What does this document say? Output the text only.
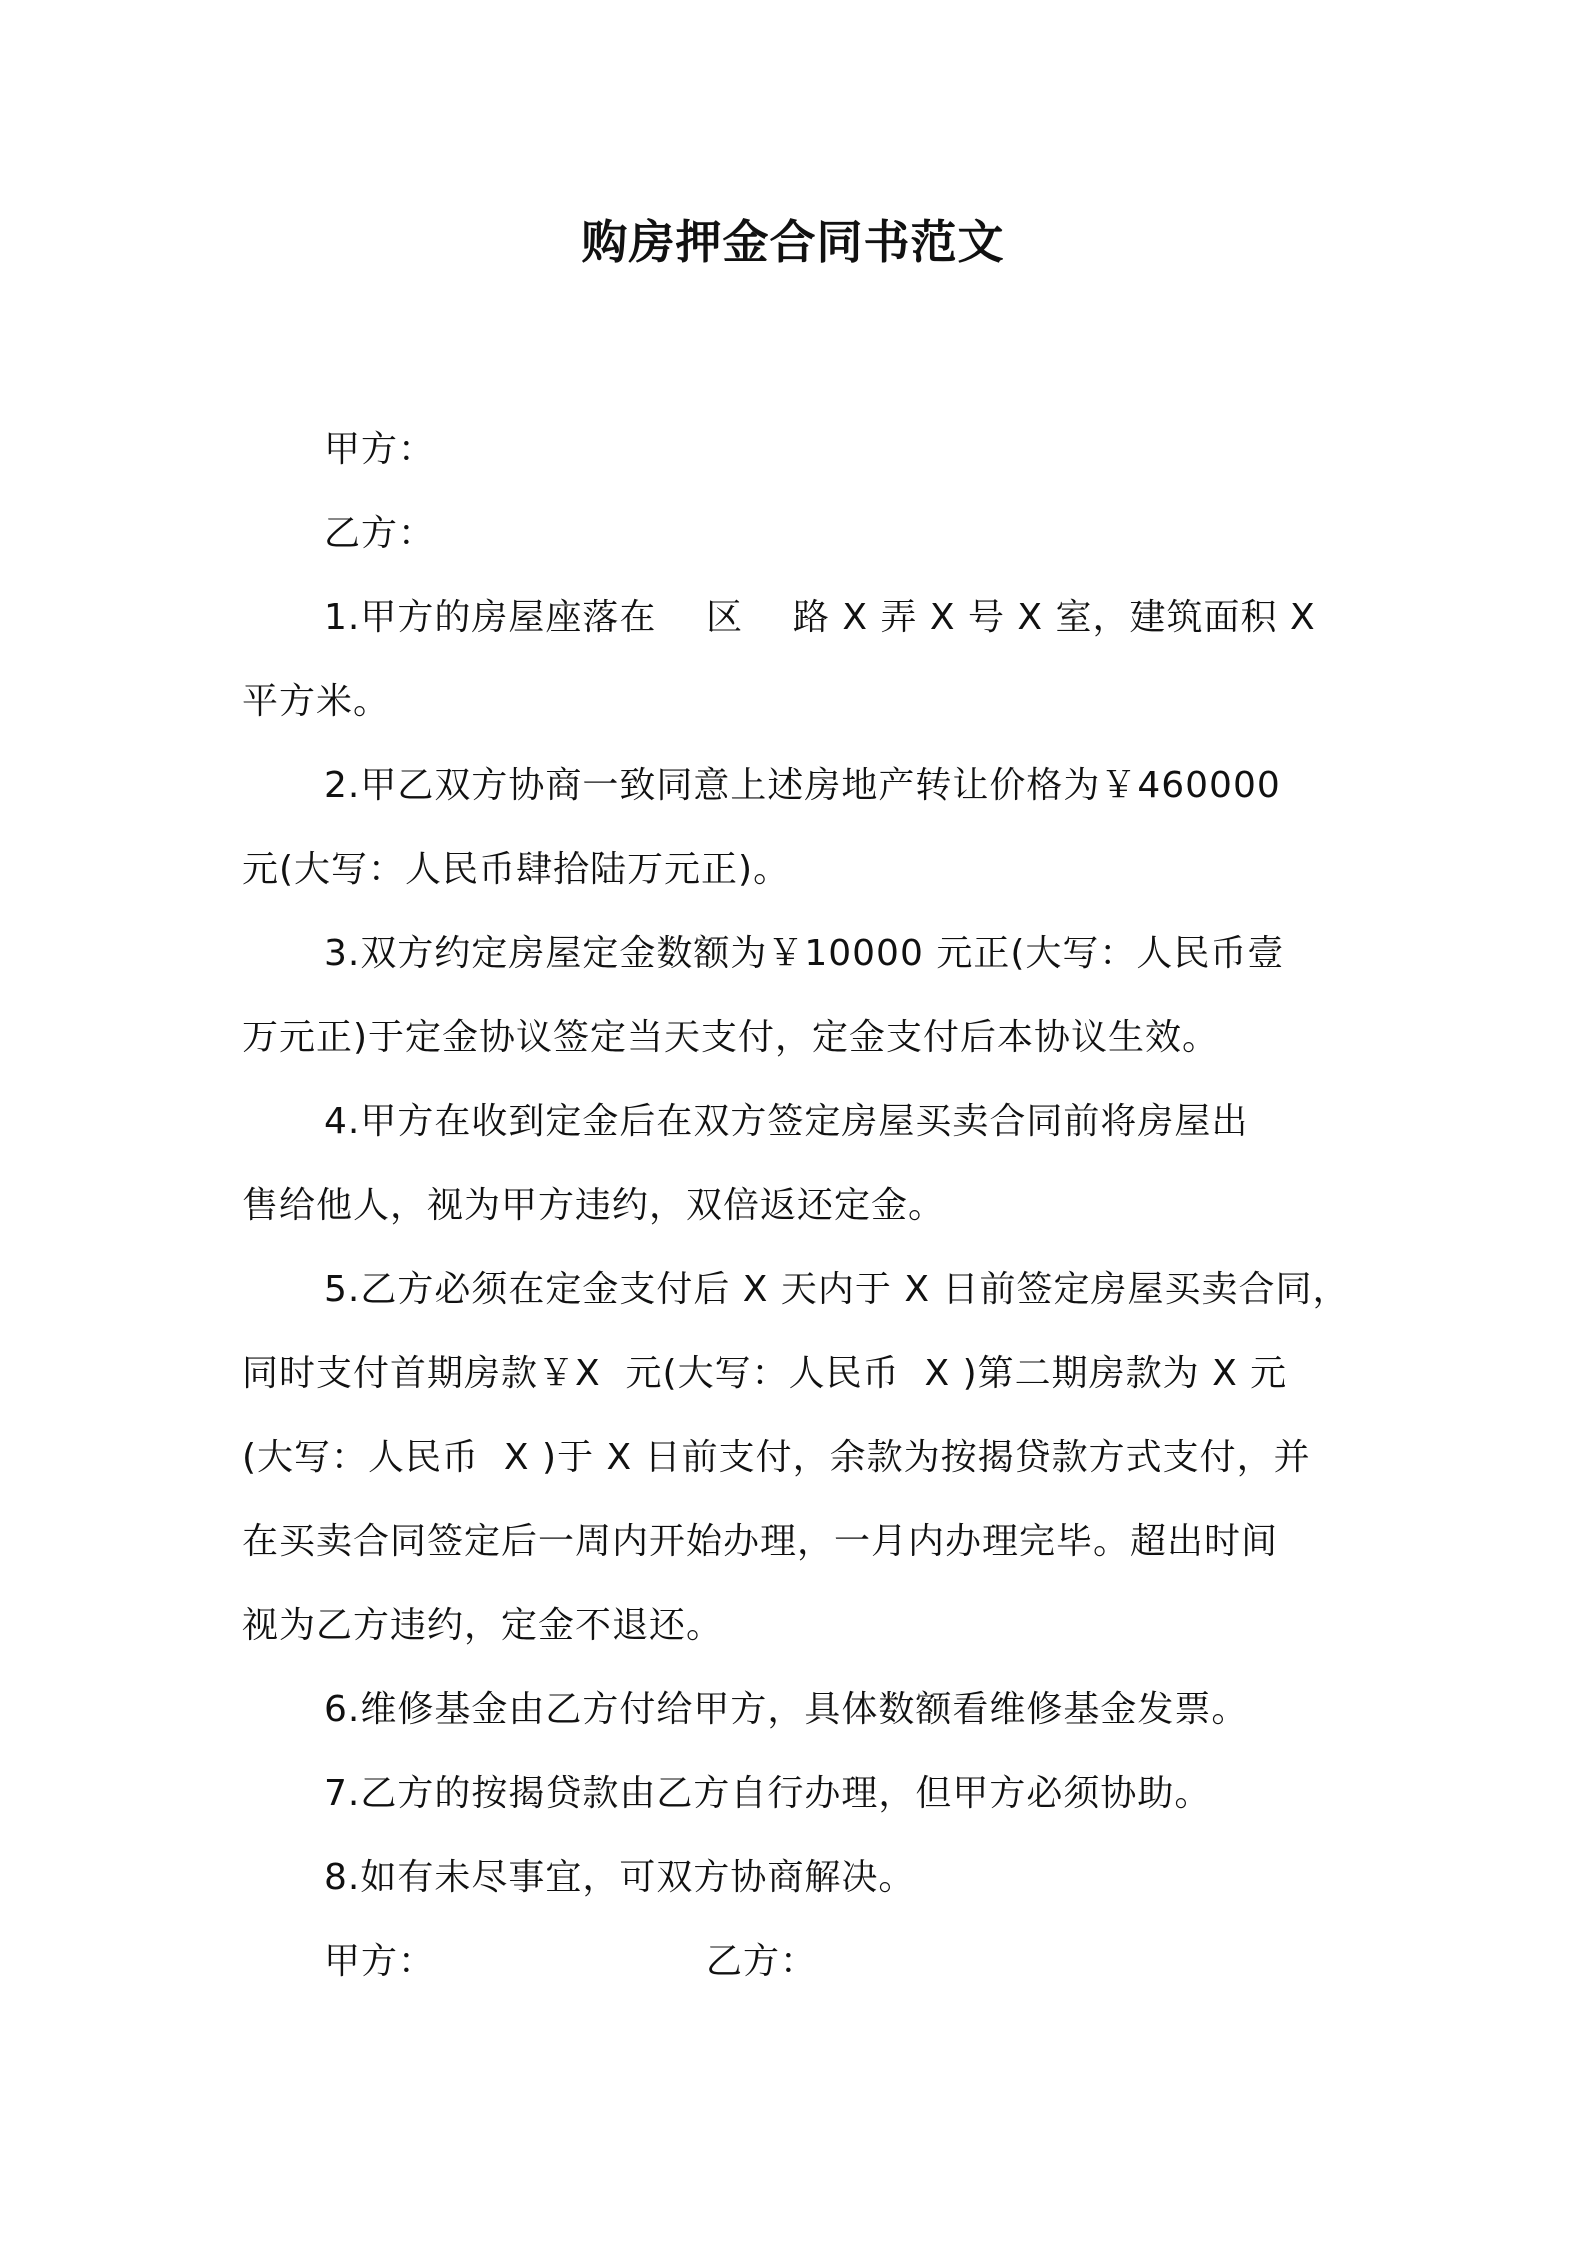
购房押金合同书范文

甲方：

乙方：

1.甲方的房屋座落在    区    路 X 弄 X 号 X 室，建筑面积 X

平方米。

2.甲乙双方协商一致同意上述房地产转让价格为￥460000

元(大写：人民币肆拾陆万元正)。

3.双方约定房屋定金数额为￥10000 元正(大写：人民币壹

万元正)于定金协议签定当天支付，定金支付后本协议生效。

4.甲方在收到定金后在双方签定房屋买卖合同前将房屋出

售给他人，视为甲方违约，双倍返还定金。

5.乙方必须在定金支付后 X 天内于 X 日前签定房屋买卖合同，

同时支付首期房款￥X  元(大写：人民币  X )第二期房款为 X 元

(大写：人民币  X )于 X 日前支付，余款为按揭贷款方式支付，并

在买卖合同签定后一周内开始办理，一月内办理完毕。超出时间

视为乙方违约，定金不退还。

6.维修基金由乙方付给甲方，具体数额看维修基金发票。

7.乙方的按揭贷款由乙方自行办理，但甲方必须协助。

8.如有未尽事宜，可双方协商解决。

甲方：	乙方：
